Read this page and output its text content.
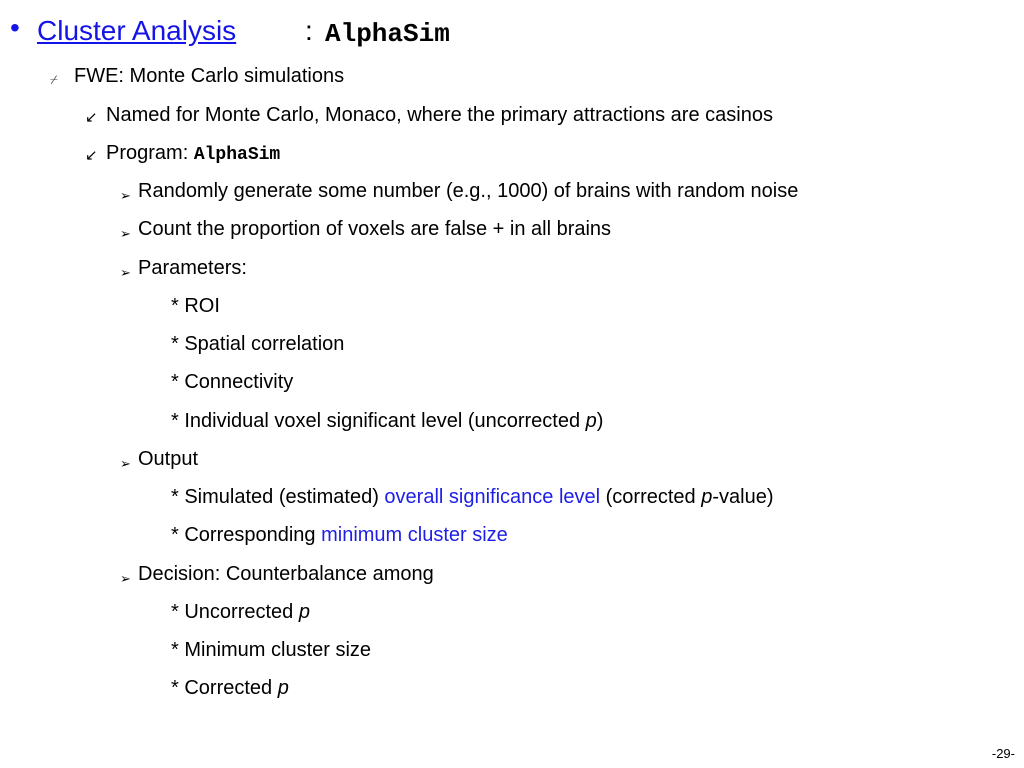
• Cluster Analysis : AlphaSim
⌿ FWE: Monte Carlo simulations
↙ Named for Monte Carlo, Monaco, where the primary attractions are casinos
↙ Program: AlphaSim
➢ Randomly generate some number (e.g., 1000) of brains with random noise
➢ Count the proportion of voxels are false + in all brains
➢ Parameters:
* ROI
* Spatial correlation
* Connectivity
* Individual voxel significant level (uncorrected p)
➢ Output
* Simulated (estimated) overall significance level (corrected p-value)
* Corresponding minimum cluster size
➢ Decision: Counterbalance among
* Uncorrected p
* Minimum cluster size
* Corrected p
-29-
